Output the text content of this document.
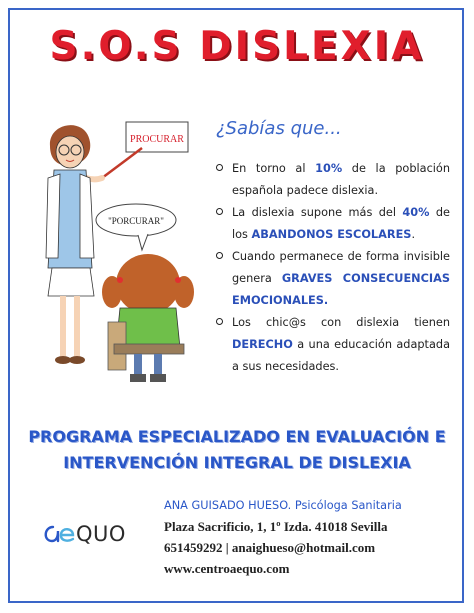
S.O.S DISLEXIA
PROCURAR
"PORCURAR"
¿Sabías que...
En torno al 10% de la población española padece dislexia.
La dislexia supone más del 40% de los ABANDONOS ESCOLARES.
Cuando permanece de forma invisible genera GRAVES CONSECUENCIAS EMOCIONALES.
Los chic@s con dislexia tienen DERECHO a una educación adaptada a sus necesidades.
PROGRAMA ESPECIALIZADO EN EVALUACIÓN E
INTERVENCIÓN INTEGRAL DE DISLEXIA
QUO
ANA GUISADO HUESO. Psicóloga Sanitaria
Plaza Sacrificio, 1, 1º Izda. 41018 Sevilla
651459292 | anaighueso@hotmail.com
www.centroaequo.com
